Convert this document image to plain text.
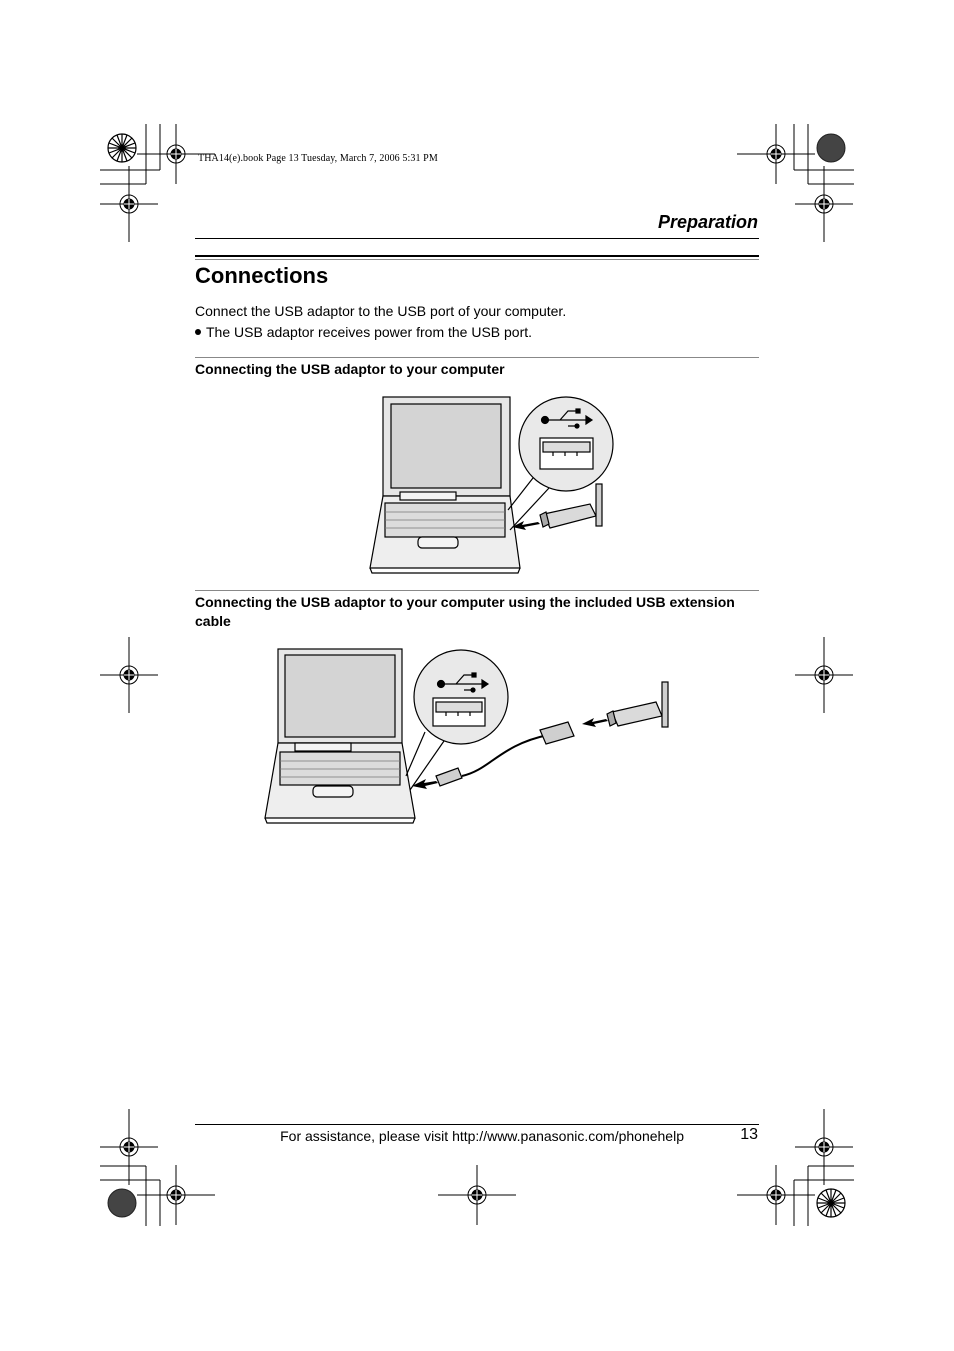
THA14(e).book Page 13 Tuesday, March 7, 2006 5:31 PM
Preparation
Connections
Connect the USB adaptor to the USB port of your computer.
The USB adaptor receives power from the USB port.
Connecting the USB adaptor to your computer
Connecting the USB adaptor to your computer using the included USB extension cable
For assistance, please visit http://www.panasonic.com/phonehelp	13
